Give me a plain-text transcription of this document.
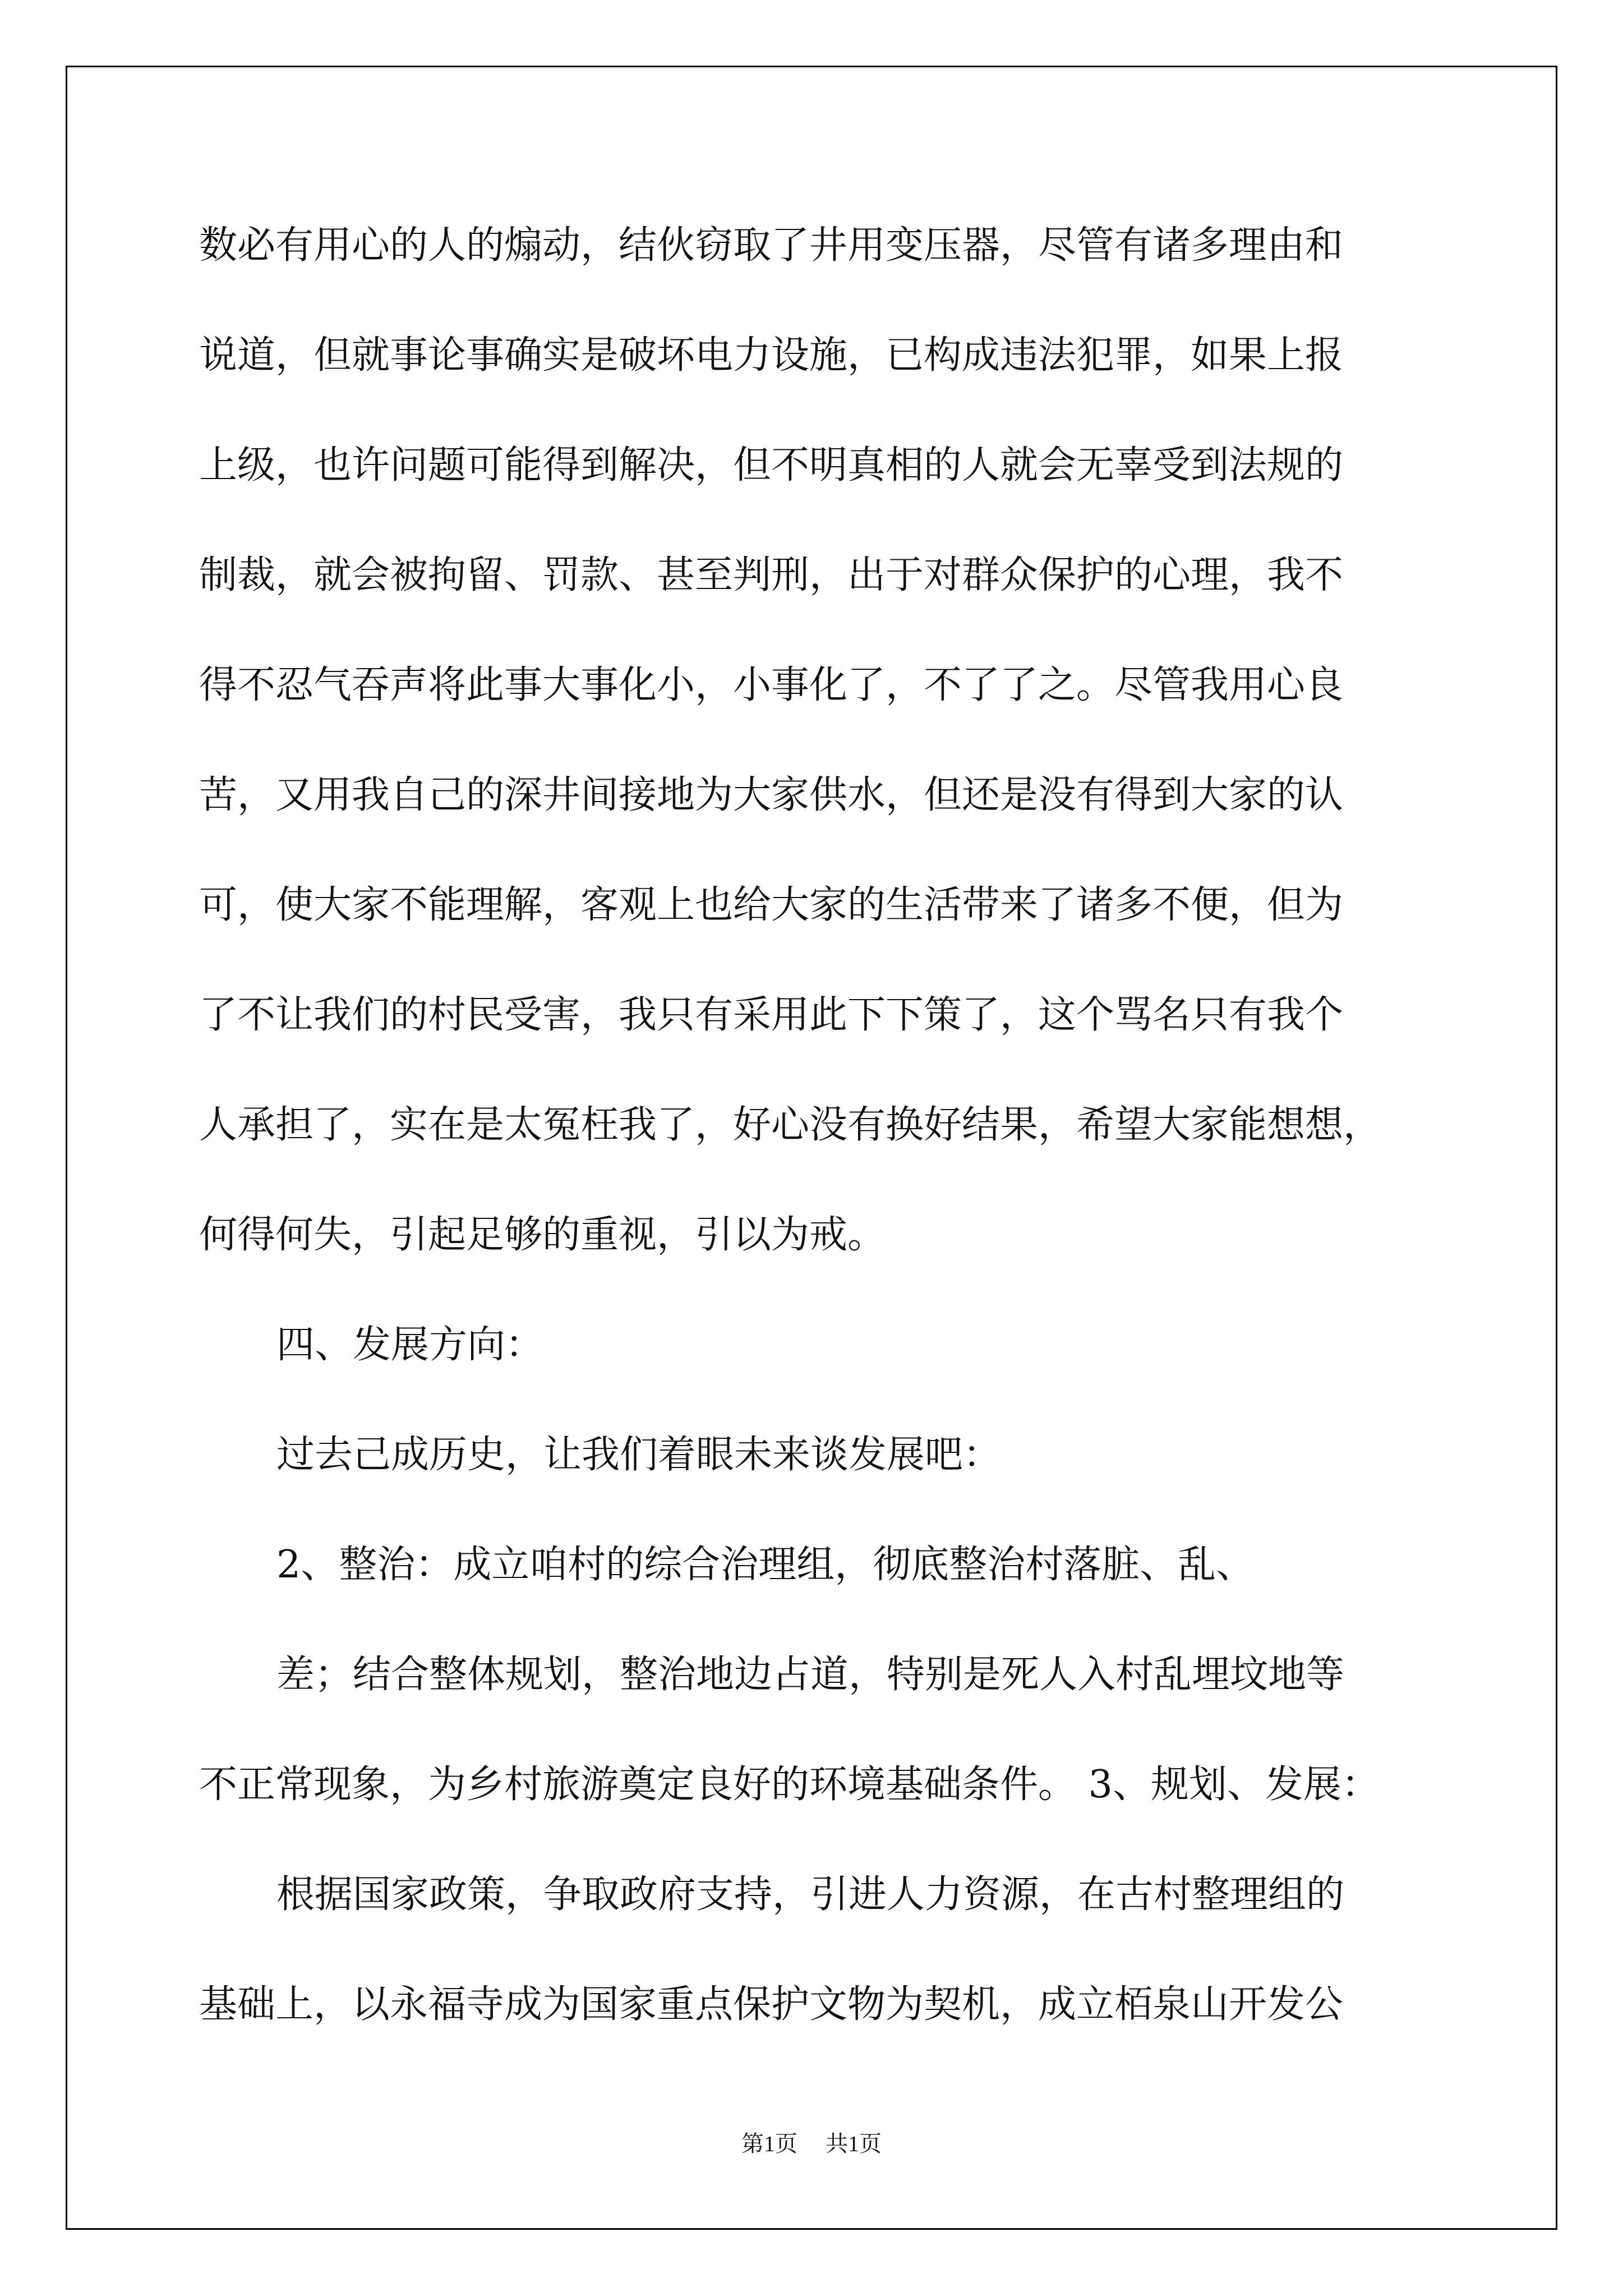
数必有用心的人的煽动，结伙窃取了井用变压器，尽管有诸多理由和
说道，但就事论事确实是破坏电力设施，已构成违法犯罪，如果上报
上级，也许问题可能得到解决，但不明真相的人就会无辜受到法规的
制裁，就会被拘留、罚款、甚至判刑，出于对群众保护的心理，我不
得不忍气吞声将此事大事化小，小事化了，不了了之。尽管我用心良
苦，又用我自己的深井间接地为大家供水，但还是没有得到大家的认
可，使大家不能理解，客观上也给大家的生活带来了诸多不便，但为
了不让我们的村民受害，我只有采用此下下策了，这个骂名只有我个
人承担了，实在是太冤枉我了，好心没有换好结果，希望大家能想想，
何得何失，引起足够的重视，引以为戒。
四、发展方向：
过去己成历史，让我们着眼未来谈发展吧：
2、整治：成立咱村的综合治理组，彻底整治村落脏、乱、
差；结合整体规划，整治地边占道，特别是死人入村乱埋坟地等
不正常现象，为乡村旅游奠定良好的环境基础条件。 3、规划、发展：
根据国家政策，争取政府支持，引进人力资源，在古村整理组的
基础上，以永福寺成为国家重点保护文物为契机，成立栢泉山开发公
第1页 共1页
